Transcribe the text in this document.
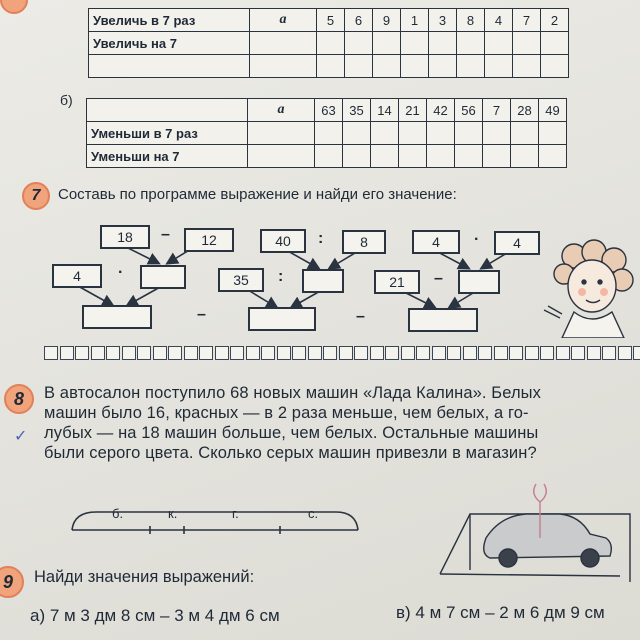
Увеличь в 7 раз	a	5	6	9	1	3	8	4	7	2
Увеличь на 7										

б)
	a	63	35	14	21	42	56	7	28	49
Уменьши в 7 раз										
Уменьши на 7										
7	Составь по программе выражение и найди его значение:
18	–	12
4	·
–
40	:	8
35	:
–
4	·	4
21	–
8	В автосалон поступило 68 новых машин «Лада Калина». Белых
машин было 16, красных — в 2 раза меньше, чем белых, а го-
лубых — на 18 машин больше, чем белых. Остальные машины
были серого цвета. Сколько серых машин привезли в магазин?
✓
б.	к.	г.	с.
9	Найди значения выражений:
а) 7 м 3 дм 8 см – 3 м 4 дм 6 см	в) 4 м 7 см – 2 м 6 дм 9 см
